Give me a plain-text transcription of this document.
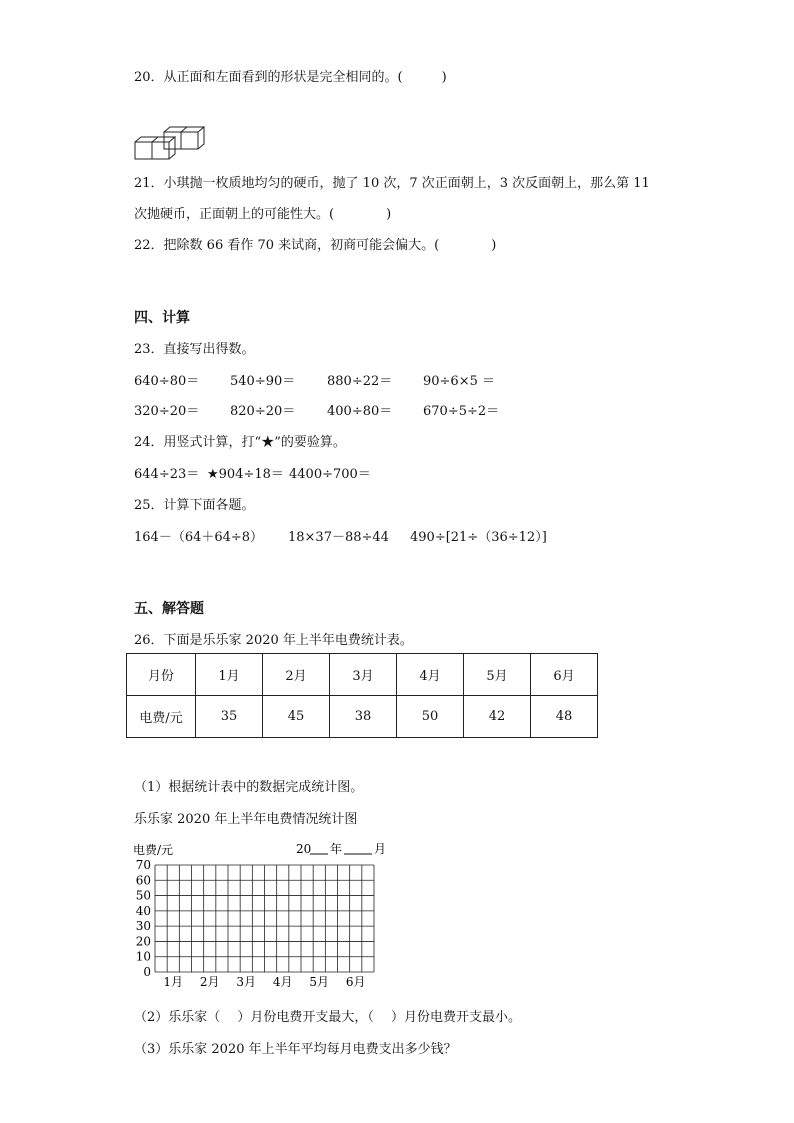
20．从正面和左面看到的形状是完全相同的。(　　　)
21．小琪抛一枚质地均匀的硬币，抛了 10 次，7 次正面朝上，3 次反面朝上，那么第 11
次抛硬币，正面朝上的可能性大。(　　　　)
22．把除数 66 看作 70 来试商，初商可能会偏大。(　　　　)
四、计算
23．直接写出得数。
640÷80＝ 540÷90＝ 880÷22＝ 90÷6×5 ＝
320÷20＝ 820÷20＝ 400÷80＝ 670÷5÷2＝
24．用竖式计算，打“★”的要验算。
644÷23＝ ★904÷18＝ 4400÷700＝
25．计算下面各题。
164－（64＋64÷8） 18×37－88÷44 490÷[21÷（36÷12）]
五、解答题
26．下面是乐乐家 2020 年上半年电费统计表。
月份	1月	2月	3月	4月	5月	6月
电费/元	35	45	38	50	42	48
（1）根据统计表中的数据完成统计图。
乐乐家 2020 年上半年电费情况统计图
电费/元	20 年	月
0
10
20
30
40
50
60
70
1月 2月 3月 4月 5月 6月
（2）乐乐家（　 ）月份电费开支最大，（　 ）月份电费开支最小。
（3）乐乐家 2020 年上半年平均每月电费支出多少钱？
